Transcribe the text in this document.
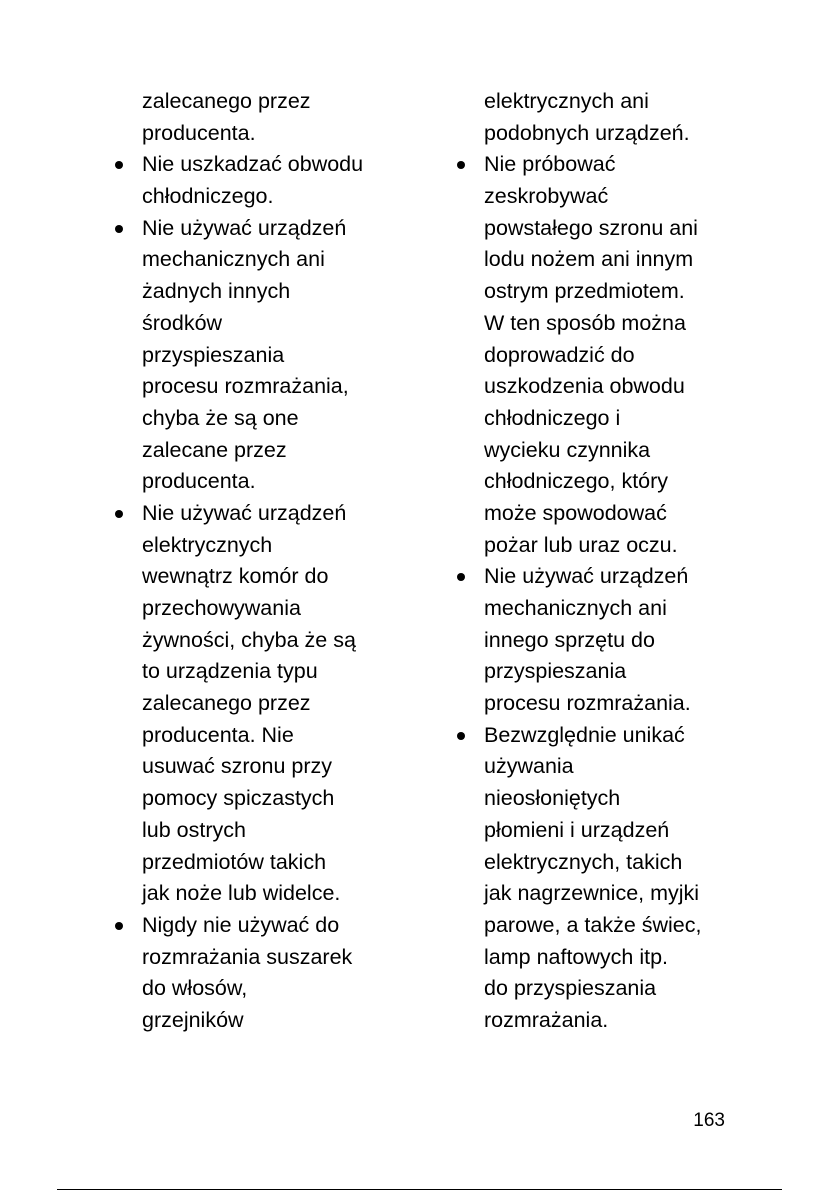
zalecanego przez
producenta.
Nie uszkadzać obwodu
chłodniczego.
Nie używać urządzeń
mechanicznych ani
żadnych innych
środków
przyspieszania
procesu rozmrażania,
chyba że są one
zalecane przez
producenta.
Nie używać urządzeń
elektrycznych
wewnątrz komór do
przechowywania
żywności, chyba że są
to urządzenia typu
zalecanego przez
producenta. Nie
usuwać szronu przy
pomocy spiczastych
lub ostrych
przedmiotów takich
jak noże lub widelce.
Nigdy nie używać do
rozmrażania suszarek
do włosów,
grzejników
elektrycznych ani
podobnych urządzeń.
Nie próbować
zeskrobywać
powstałego szronu ani
lodu nożem ani innym
ostrym przedmiotem.
W ten sposób można
doprowadzić do
uszkodzenia obwodu
chłodniczego i
wycieku czynnika
chłodniczego, który
może spowodować
pożar lub uraz oczu.
Nie używać urządzeń
mechanicznych ani
innego sprzętu do
przyspieszania
procesu rozmrażania.
Bezwzględnie unikać
używania
nieosłoniętych
płomieni i urządzeń
elektrycznych, takich
jak nagrzewnice, myjki
parowe, a także świec,
lamp naftowych itp.
do przyspieszania
rozmrażania.
163
